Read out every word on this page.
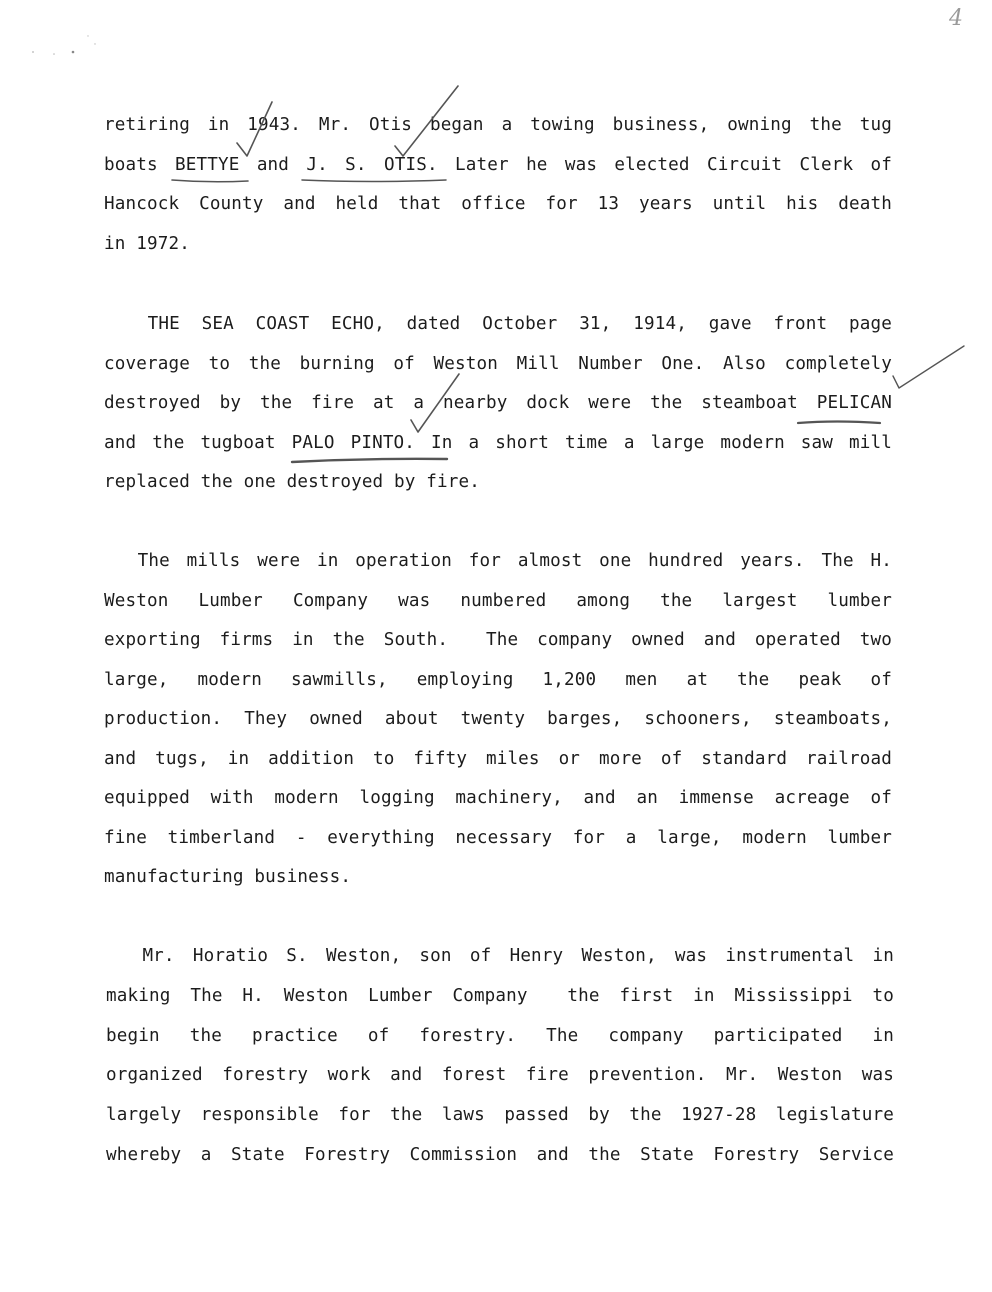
4
retiring in 1943. Mr. Otis began a towing business, owning the tug
boats BETTYE and J. S. OTIS. Later he was elected Circuit Clerk of
Hancock County and held that office for 13 years until his death
in 1972.
THE SEA COAST ECHO, dated October 31, 1914, gave front page
coverage to the burning of Weston Mill Number One. Also completely
destroyed by the fire at a nearby dock were the steamboat PELICAN
and the tugboat PALO PINTO. In a short time a large modern saw mill
replaced the one destroyed by fire.
The mills were in operation for almost one hundred years. The H.
Weston Lumber Company was numbered among the largest lumber
exporting firms in the South.  The company owned and operated two
large, modern sawmills, employing 1,200 men at the peak of
production. They owned about twenty barges, schooners, steamboats,
and tugs, in addition to fifty miles or more of standard railroad
equipped with modern logging machinery, and an immense acreage of
fine timberland - everything necessary for a large, modern lumber
manufacturing business.
Mr. Horatio S. Weston, son of Henry Weston, was instrumental in
making The H. Weston Lumber Company  the first in Mississippi to
begin the practice of forestry. The company participated in
organized forestry work and forest fire prevention. Mr. Weston was
largely responsible for the laws passed by the 1927-28 legislature
whereby a State Forestry Commission and the State Forestry Service
